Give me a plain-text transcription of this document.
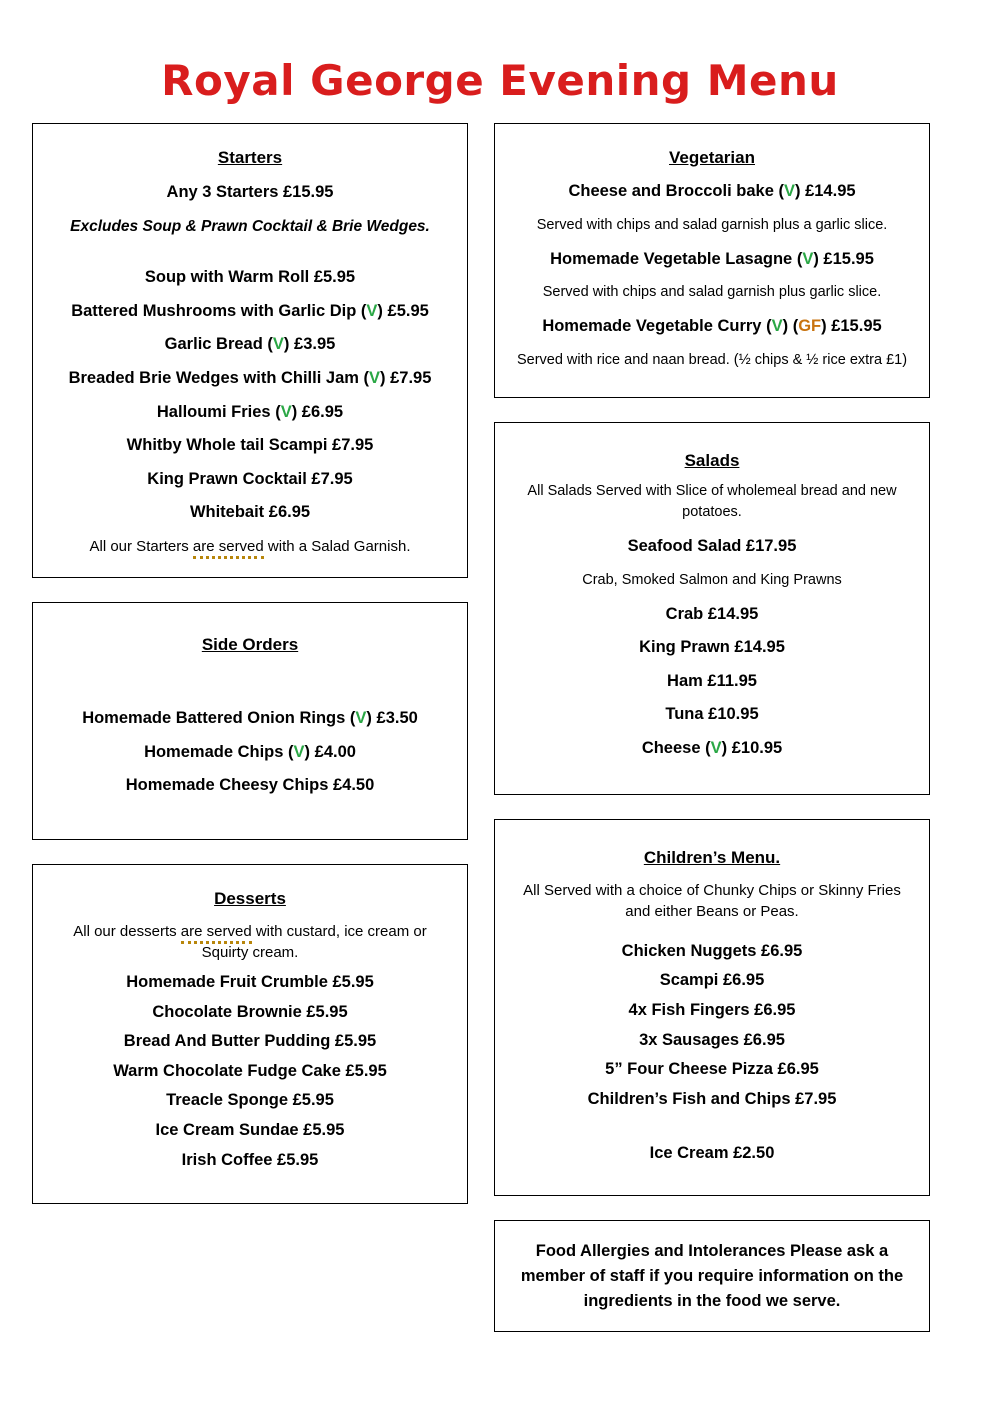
Royal George Evening Menu
Starters
Any 3 Starters £15.95
Excludes Soup & Prawn Cocktail & Brie Wedges.
Soup with Warm Roll £5.95
Battered Mushrooms with Garlic Dip (V) £5.95
Garlic Bread (V) £3.95
Breaded Brie Wedges with Chilli Jam (V) £7.95
Halloumi Fries (V) £6.95
Whitby Whole tail Scampi £7.95
King Prawn Cocktail £7.95
Whitebait £6.95
All our Starters are served with a Salad Garnish.
Side Orders
Homemade Battered Onion Rings (V) £3.50
Homemade Chips (V) £4.00
Homemade Cheesy Chips £4.50
Desserts
All our desserts are served with custard, ice cream or Squirty cream.
Homemade Fruit Crumble £5.95
Chocolate Brownie £5.95
Bread And Butter Pudding £5.95
Warm Chocolate Fudge Cake £5.95
Treacle Sponge £5.95
Ice Cream Sundae £5.95
Irish Coffee £5.95
Vegetarian
Cheese and Broccoli bake (V) £14.95
Served with chips and salad garnish plus a garlic slice.
Homemade Vegetable Lasagne (V) £15.95
Served with chips and salad garnish plus garlic slice.
Homemade Vegetable Curry (V) (GF) £15.95
Served with rice and naan bread. (½ chips & ½ rice extra £1)
Salads
All Salads Served with Slice of wholemeal bread and new potatoes.
Seafood Salad £17.95
Crab, Smoked Salmon and King Prawns
Crab £14.95
King Prawn £14.95
Ham £11.95
Tuna £10.95
Cheese (V) £10.95
Children’s Menu.
All Served with a choice of Chunky Chips or Skinny Fries and either Beans or Peas.
Chicken Nuggets £6.95
Scampi £6.95
4x Fish Fingers £6.95
3x Sausages £6.95
5” Four Cheese Pizza £6.95
Children’s Fish and Chips £7.95
Ice Cream £2.50
Food Allergies and Intolerances Please ask a member of staff if you require information on the ingredients in the food we serve.
